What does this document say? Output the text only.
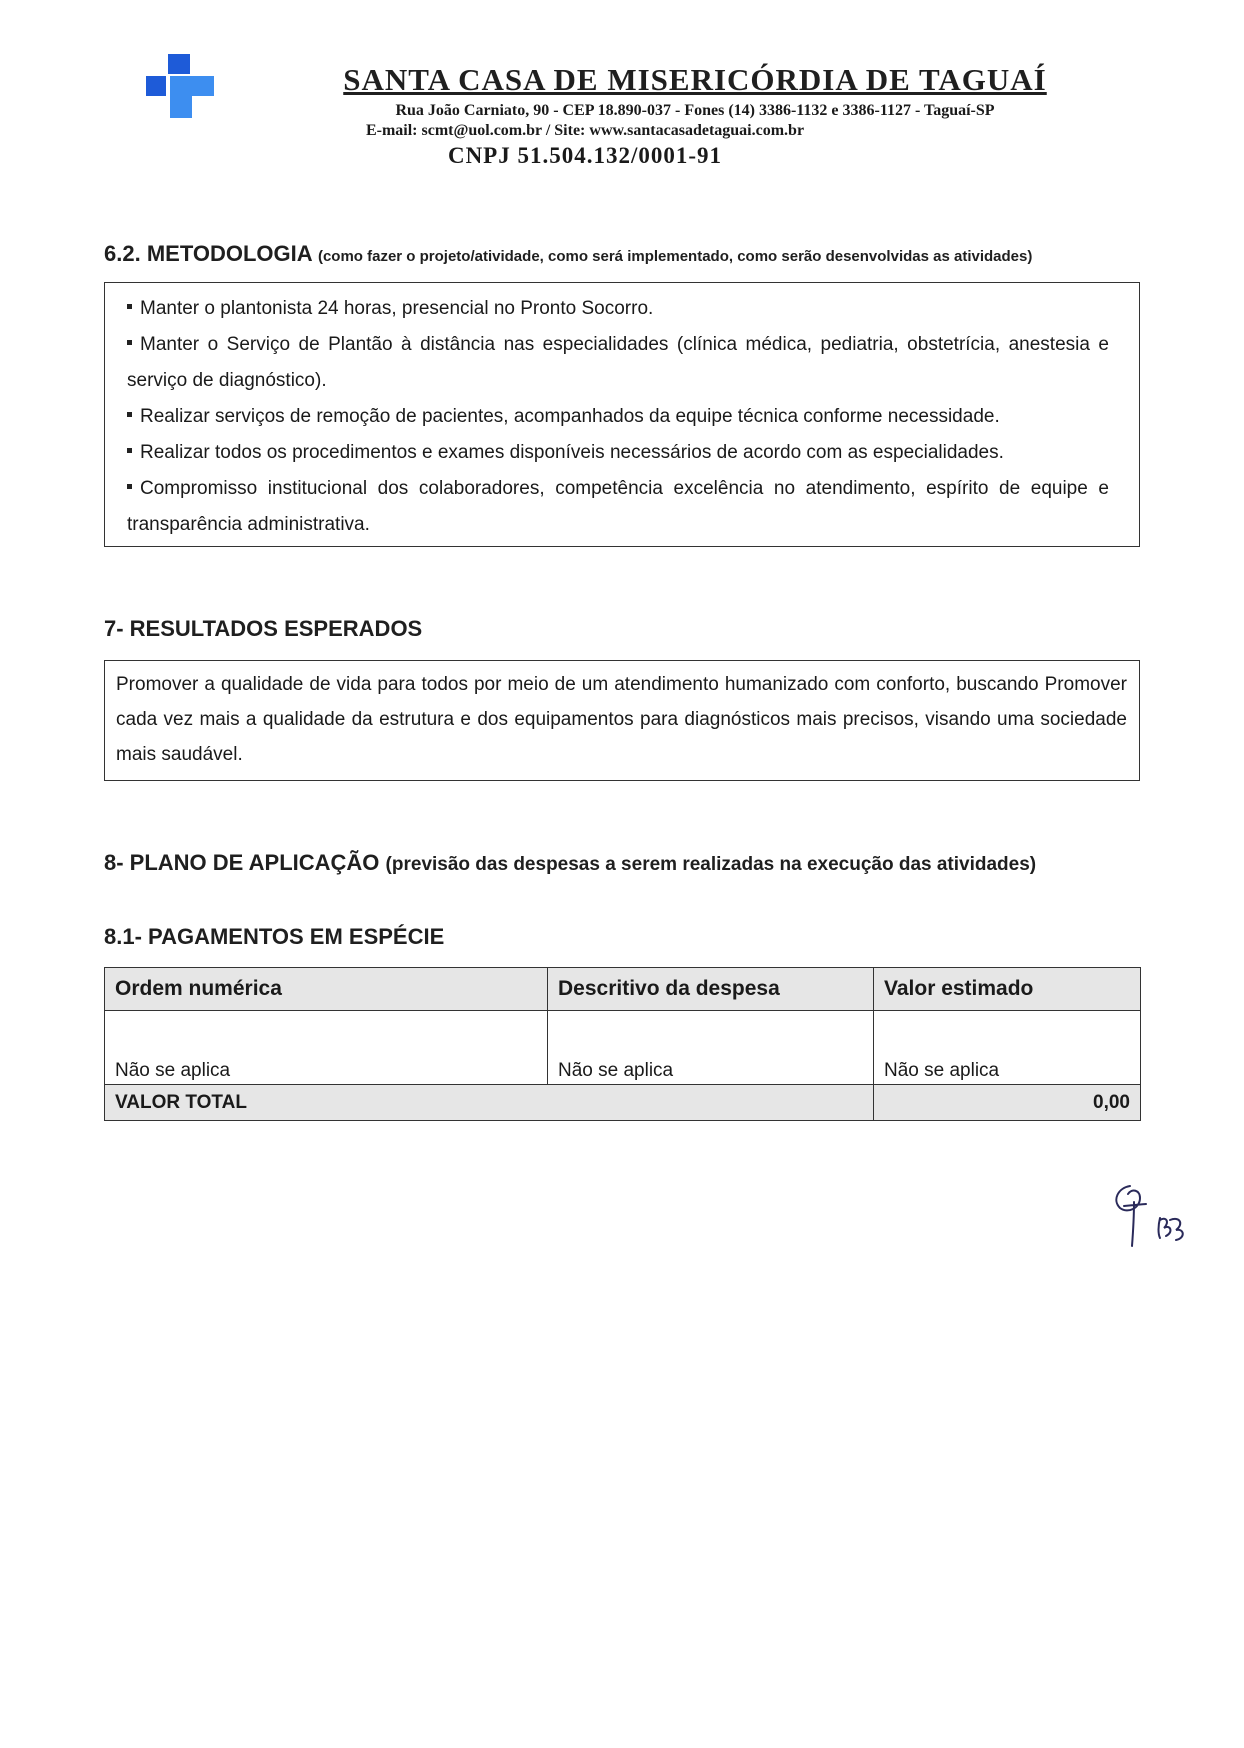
SANTA CASA DE MISERICÓRDIA DE TAGUAÍ
Rua João Carniato, 90 - CEP 18.890-037 - Fones (14) 3386-1132 e 3386-1127 - Taguaí-SP
E-mail: scmt@uol.com.br / Site: www.santacasadetaguai.com.br
CNPJ 51.504.132/0001-91
6.2. METODOLOGIA (como fazer o projeto/atividade, como será implementado, como serão desenvolvidas as atividades)
Manter o plantonista 24 horas, presencial no Pronto Socorro.
Manter o Serviço de Plantão à distância nas especialidades (clínica médica, pediatria, obstetrícia, anestesia e serviço de diagnóstico).
Realizar serviços de remoção de pacientes, acompanhados da equipe técnica conforme necessidade.
Realizar todos os procedimentos e exames disponíveis necessários de acordo com as especialidades.
Compromisso institucional dos colaboradores, competência excelência no atendimento, espírito de equipe e transparência administrativa.
7- RESULTADOS ESPERADOS
Promover a qualidade de vida para todos por meio de um atendimento humanizado com conforto, buscando Promover cada vez mais a qualidade da estrutura e dos equipamentos para diagnósticos mais precisos, visando uma sociedade mais saudável.
8- PLANO DE APLICAÇÃO (previsão das despesas a serem realizadas na execução das atividades)
8.1- PAGAMENTOS EM ESPÉCIE
Ordem numérica	Descritivo da despesa	Valor estimado
Não se aplica	Não se aplica	Não se aplica
VALOR TOTAL		0,00
